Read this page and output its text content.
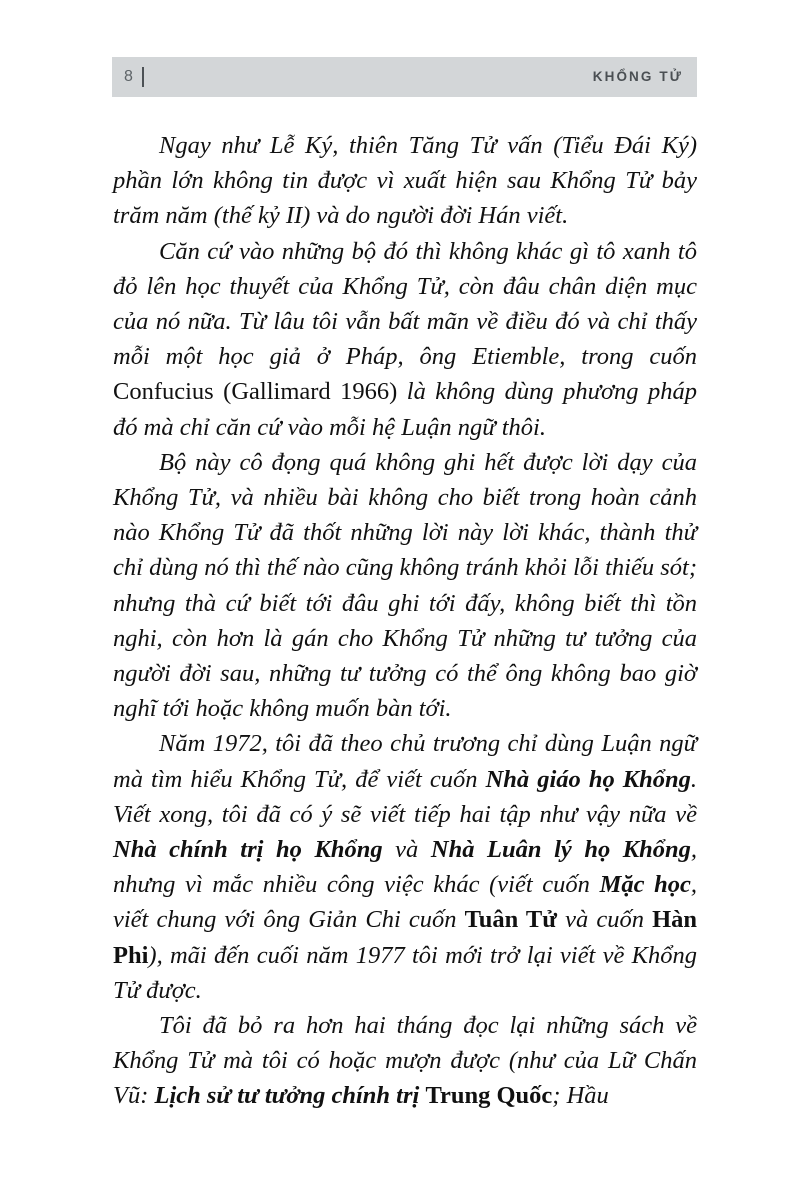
8	KHỔNG TỬ

Ngay như Lễ Ký, thiên Tăng Tử vấn (Tiểu Đái Ký) phần lớn không tin được vì xuất hiện sau Khổng Tử bảy trăm năm (thế kỷ II) và do người đời Hán viết.

Căn cứ vào những bộ đó thì không khác gì tô xanh tô đỏ lên học thuyết của Khổng Tử, còn đâu chân diện mục của nó nữa. Từ lâu tôi vẫn bất mãn về điều đó và chỉ thấy mỗi một học giả ở Pháp, ông Etiemble, trong cuốn Confucius (Gallimard 1966) là không dùng phương pháp đó mà chỉ căn cứ vào mỗi hệ Luận ngữ thôi.

Bộ này cô đọng quá không ghi hết được lời dạy của Khổng Tử, và nhiều bài không cho biết trong hoàn cảnh nào Khổng Tử đã thốt những lời này lời khác, thành thử chỉ dùng nó thì thế nào cũng không tránh khỏi lỗi thiếu sót; nhưng thà cứ biết tới đâu ghi tới đấy, không biết thì tồn nghi, còn hơn là gán cho Khổng Tử những tư tưởng của người đời sau, những tư tưởng có thể ông không bao giờ nghĩ tới hoặc không muốn bàn tới.

Năm 1972, tôi đã theo chủ trương chỉ dùng Luận ngữ mà tìm hiểu Khổng Tử, để viết cuốn Nhà giáo họ Khổng. Viết xong, tôi đã có ý sẽ viết tiếp hai tập như vậy nữa về Nhà chính trị họ Khổng và Nhà Luân lý họ Khổng, nhưng vì mắc nhiều công việc khác (viết cuốn Mặc học, viết chung với ông Giản Chi cuốn Tuân Tử và cuốn Hàn Phi), mãi đến cuối năm 1977 tôi mới trở lại viết về Khổng Tử được.

Tôi đã bỏ ra hơn hai tháng đọc lại những sách về Khổng Tử mà tôi có hoặc mượn được (như của Lữ Chấn Vũ: Lịch sử tư tưởng chính trị Trung Quốc; Hầu
